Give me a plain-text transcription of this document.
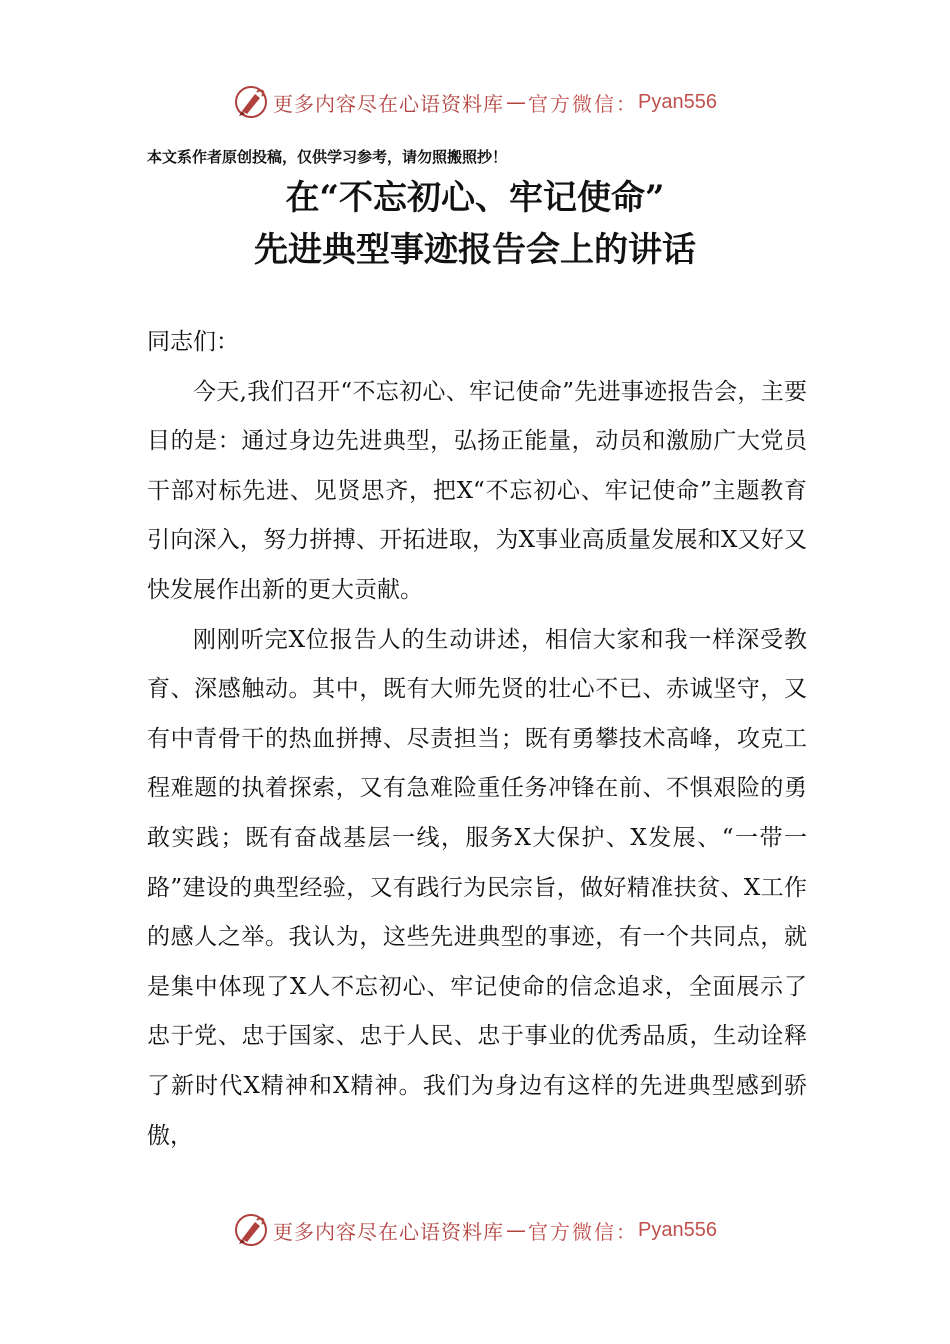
更多内容尽在心语资料库 — 官方微信： Pyan556
本文系作者原创投稿，仅供学习参考，请勿照搬照抄！
在“不忘初心、牢记使命”
先进典型事迹报告会上的讲话

同志们：

今天,我们召开“不忘初心、牢记使命”先进事迹报告会，主要目的是：通过身边先进典型，弘扬正能量，动员和激励广大党员干部对标先进、见贤思齐，把X“不忘初心、牢记使命”主题教育引向深入，努力拼搏、开拓进取，为X事业高质量发展和X又好又快发展作出新的更大贡献。

刚刚听完X位报告人的生动讲述，相信大家和我一样深受教育、深感触动。其中，既有大师先贤的壮心不已、赤诚坚守，又有中青骨干的热血拼搏、尽责担当；既有勇攀技术高峰，攻克工程难题的执着探索，又有急难险重任务冲锋在前、不惧艰险的勇敢实践；既有奋战基层一线，服务X大保护、X发展、“一带一路”建设的典型经验，又有践行为民宗旨，做好精准扶贫、X工作的感人之举。我认为，这些先进典型的事迹，有一个共同点，就是集中体现了X人不忘初心、牢记使命的信念追求，全面展示了忠于党、忠于国家、忠于人民、忠于事业的优秀品质，生动诠释了新时代X精神和X精神。我们为身边有这样的先进典型感到骄傲，

更多内容尽在心语资料库 — 官方微信： Pyan556
